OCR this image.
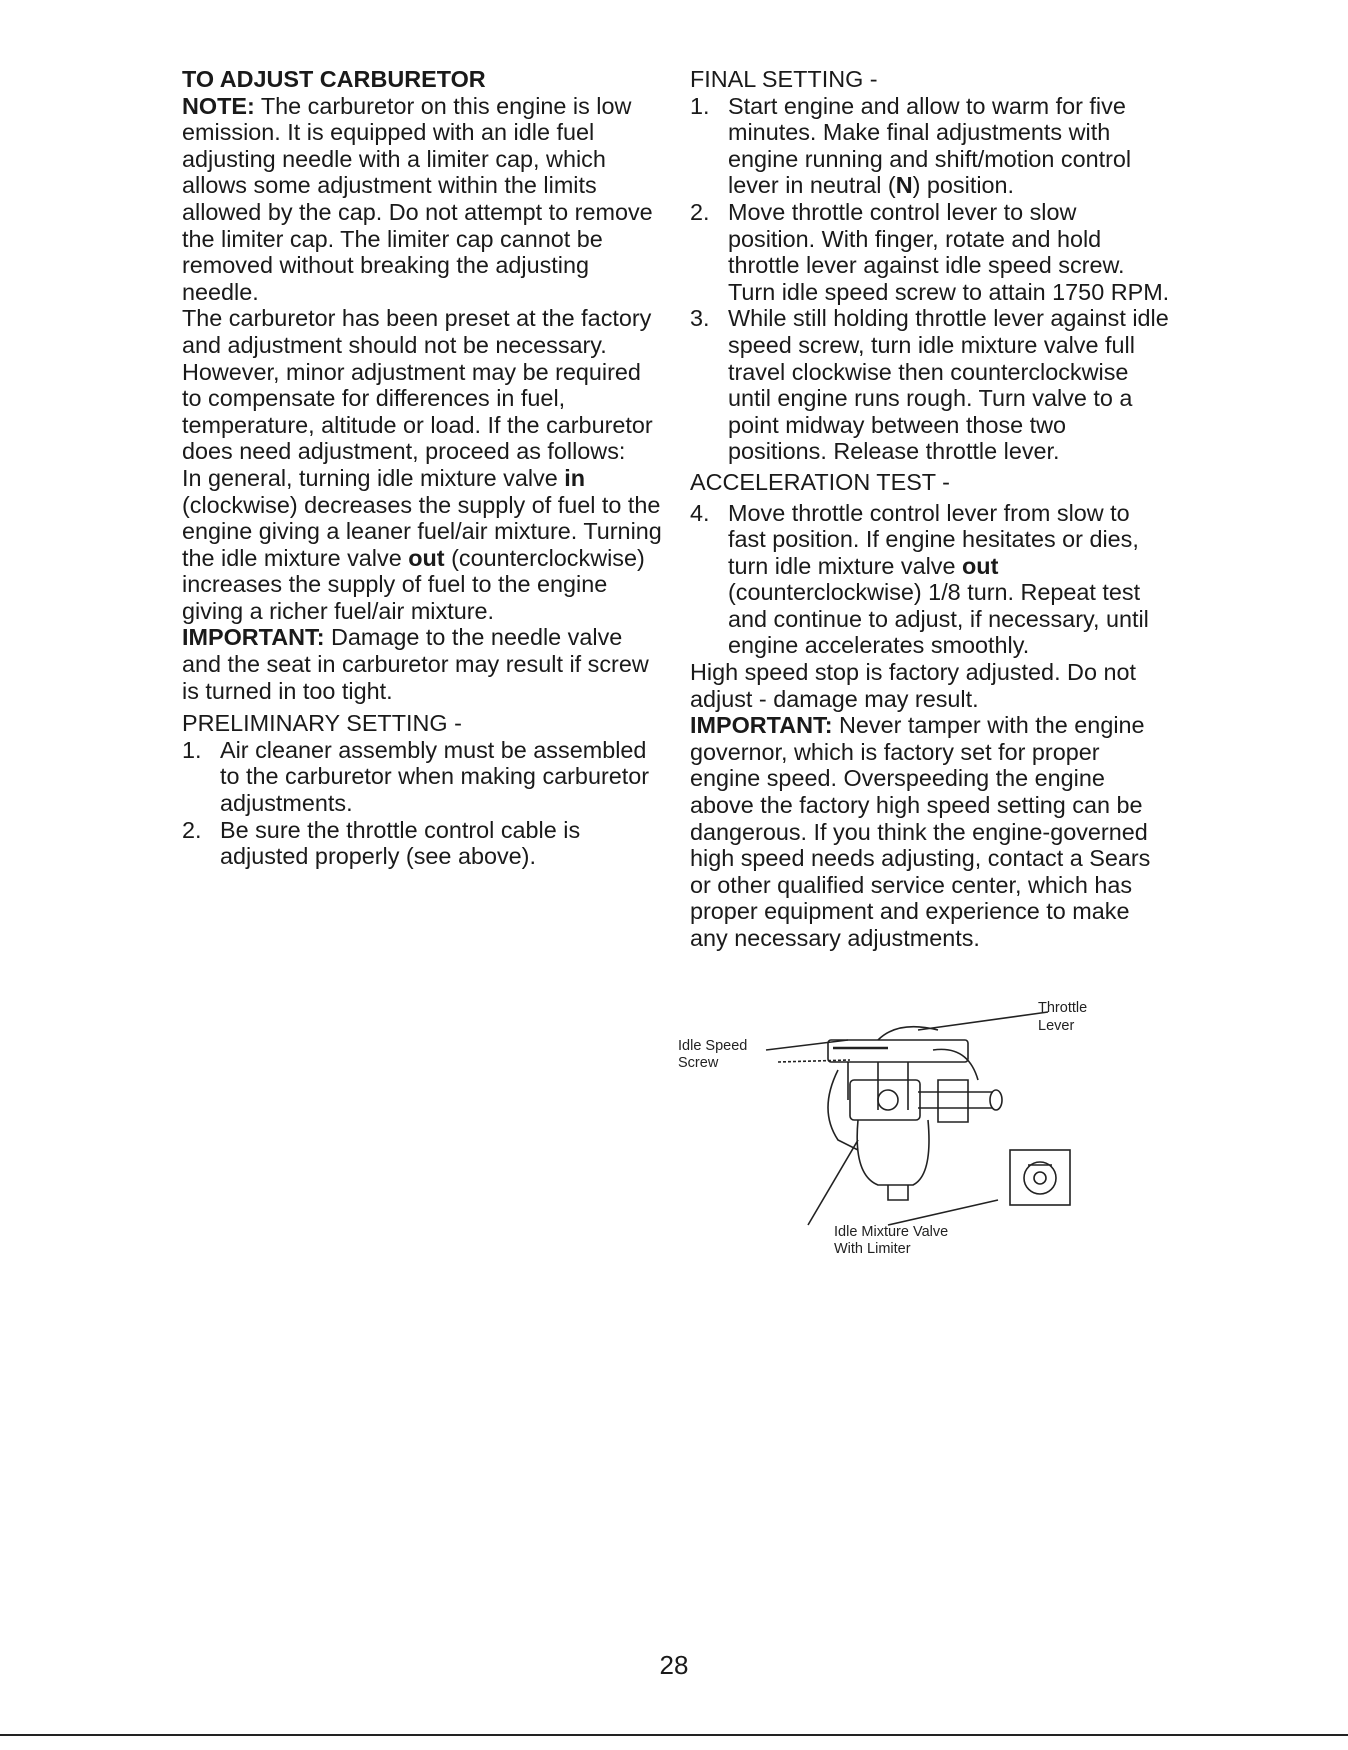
TO ADJUST CARBURETOR

NOTE: The carburetor on this engine is low emission. It is equipped with an idle fuel adjusting needle with a limiter cap, which allows some adjustment within the limits allowed by the cap. Do not attempt to remove the limiter cap. The limiter cap cannot be removed without breaking the adjusting needle.

The carburetor has been preset at the factory and adjustment should not be necessary. However, minor adjustment may be required to compensate for differences in fuel, temperature, altitude or load. If the carburetor does need adjustment, proceed as follows:

In general, turning idle mixture valve in (clockwise) decreases the supply of fuel to the engine giving a leaner fuel/air mixture. Turning the idle mixture valve out (counterclockwise) increases the supply of fuel to the engine giving a richer fuel/air mixture.

IMPORTANT: Damage to the needle valve and the seat in carburetor may result if screw is turned in too tight.

PRELIMINARY SETTING -

1. Air cleaner assembly must be assembled to the carburetor when making carburetor adjustments.

2. Be sure the throttle control cable is adjusted properly (see above).

FINAL SETTING -

1. Start engine and allow to warm for five minutes. Make final adjustments with engine running and shift/motion control lever in neutral (N) position.

2. Move throttle control lever to slow position. With finger, rotate and hold throttle lever against idle speed screw. Turn idle speed screw to attain 1750 RPM.

3. While still holding throttle lever against idle speed screw, turn idle mixture valve full travel clockwise then counterclockwise until engine runs rough. Turn valve to a point midway between those two positions. Release throttle lever.

ACCELERATION TEST -

4. Move throttle control lever from slow to fast position. If engine hesitates or dies, turn idle mixture valve out (counterclockwise) 1/8 turn. Repeat test and continue to adjust, if necessary, until engine accelerates smoothly.

High speed stop is factory adjusted. Do not adjust - damage may result.

IMPORTANT: Never tamper with the engine governor, which is factory set for proper engine speed. Overspeeding the engine above the factory high speed setting can be dangerous. If you think the engine-governed high speed needs adjusting, contact a Sears or other qualified service center, which has proper equipment and experience to make any necessary adjustments.

Throttle
Lever
Idle Speed
Screw
Idle Mixture Valve
With Limiter
28
